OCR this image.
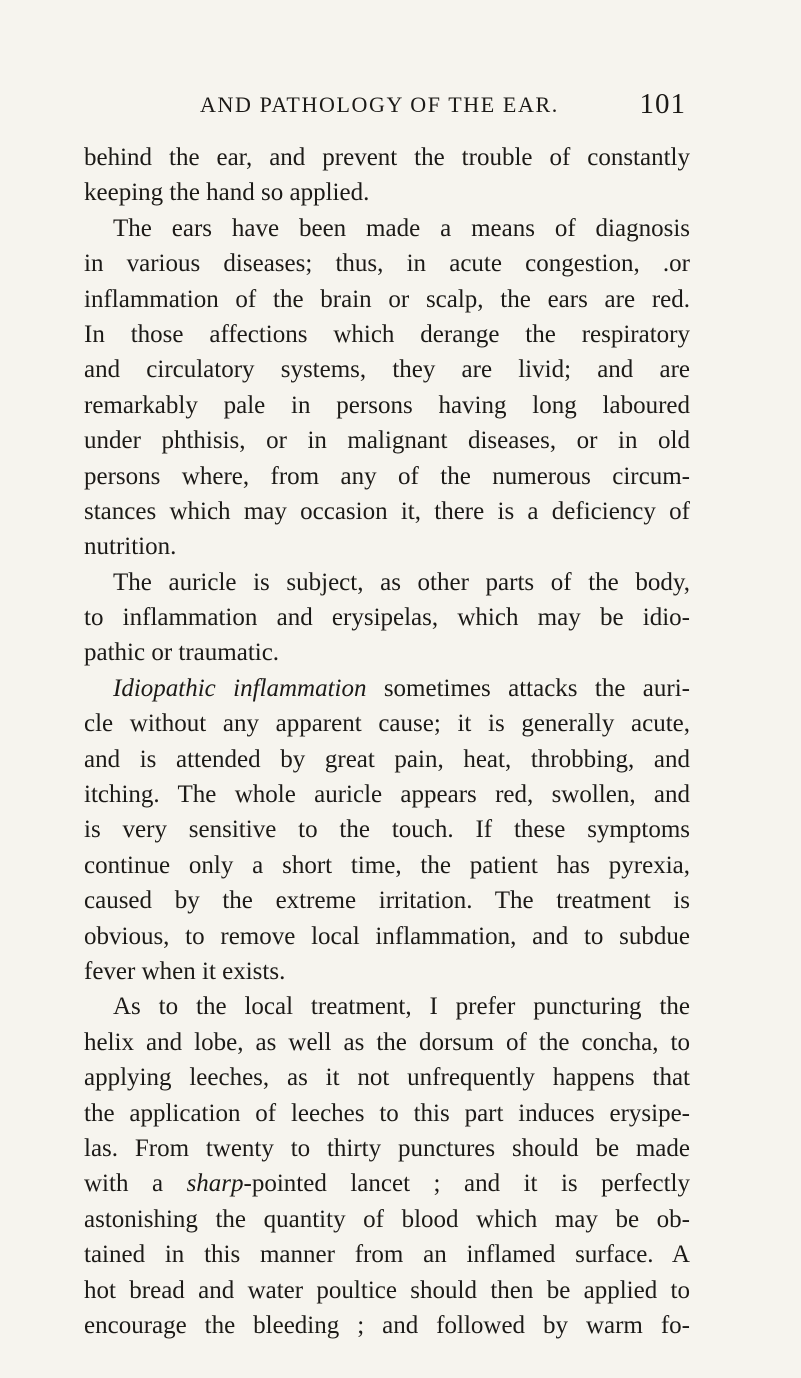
AND PATHOLOGY OF THE EAR.	101
behind the ear, and prevent the trouble of constantly
keeping the hand so applied.
The ears have been made a means of diagnosis
in various diseases; thus, in acute congestion, .or
inflammation of the brain or scalp, the ears are red.
In those affections which derange the respiratory
and circulatory systems, they are livid; and are
remarkably pale in persons having long laboured
under phthisis, or in malignant diseases, or in old
persons where, from any of the numerous circum-
stances which may occasion it, there is a deficiency of
nutrition.
The auricle is subject, as other parts of the body,
to inflammation and erysipelas, which may be idio-
pathic or traumatic.
Idiopathic inflammation sometimes attacks the auri-
cle without any apparent cause; it is generally acute,
and is attended by great pain, heat, throbbing, and
itching. The whole auricle appears red, swollen, and
is very sensitive to the touch. If these symptoms
continue only a short time, the patient has pyrexia,
caused by the extreme irritation. The treatment is
obvious, to remove local inflammation, and to subdue
fever when it exists.
As to the local treatment, I prefer puncturing the
helix and lobe, as well as the dorsum of the concha, to
applying leeches, as it not unfrequently happens that
the application of leeches to this part induces erysipe-
las. From twenty to thirty punctures should be made
with a sharp-pointed lancet ; and it is perfectly
astonishing the quantity of blood which may be ob-
tained in this manner from an inflamed surface. A
hot bread and water poultice should then be applied to
encourage the bleeding ; and followed by warm fo-
